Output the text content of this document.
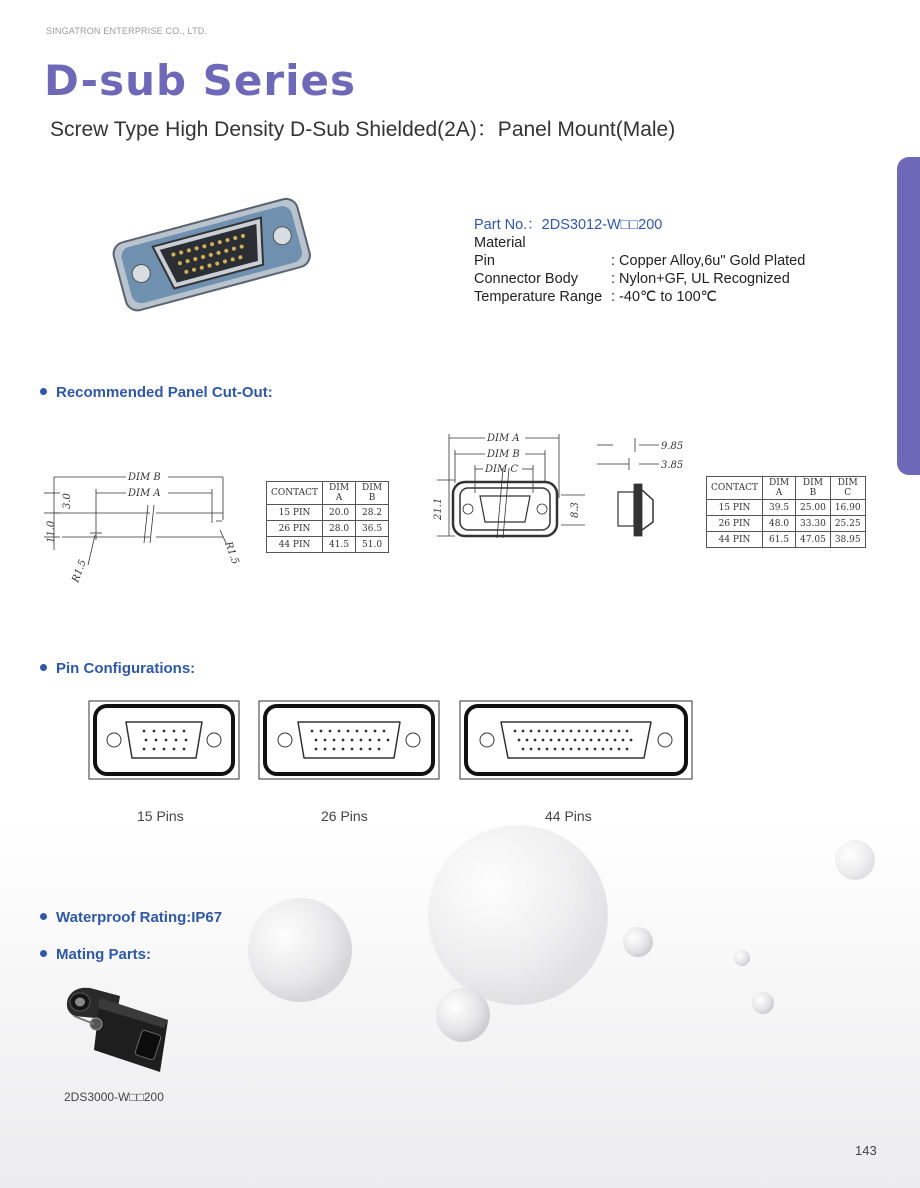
SINGATRON ENTERPRISE CO., LTD.
D-sub Series
Screw Type High Density D-Sub Shielded(2A)：Panel Mount(Male)
Part No.：2DS3012-W□□200
Material
Pin	: Copper Alloy,6u" Gold Plated
Connector Body	: Nylon+GF, UL Recognized
Temperature Range : -40℃ to 100℃
Recommended Panel Cut-Out:
DIM B
DIM A
3.0
11.0
R1.5
R1.5
CONTACT	DIM A	DIM B
15 PIN	20.0	28.2
26 PIN	28.0	36.5
44 PIN	41.5	51.0
DIM A
DIM B
DIM C
21.1	8.3
9.85
3.85
CONTACT	DIM A	DIM B	DIM C
15 PIN	39.5	25.00	16.90
26 PIN	48.0	33.30	25.25
44 PIN	61.5	47.05	38.95
Pin Configurations:
15 Pins	26 Pins	44 Pins
Waterproof Rating:IP67
Mating Parts:
2DS3000-W□□200
143
